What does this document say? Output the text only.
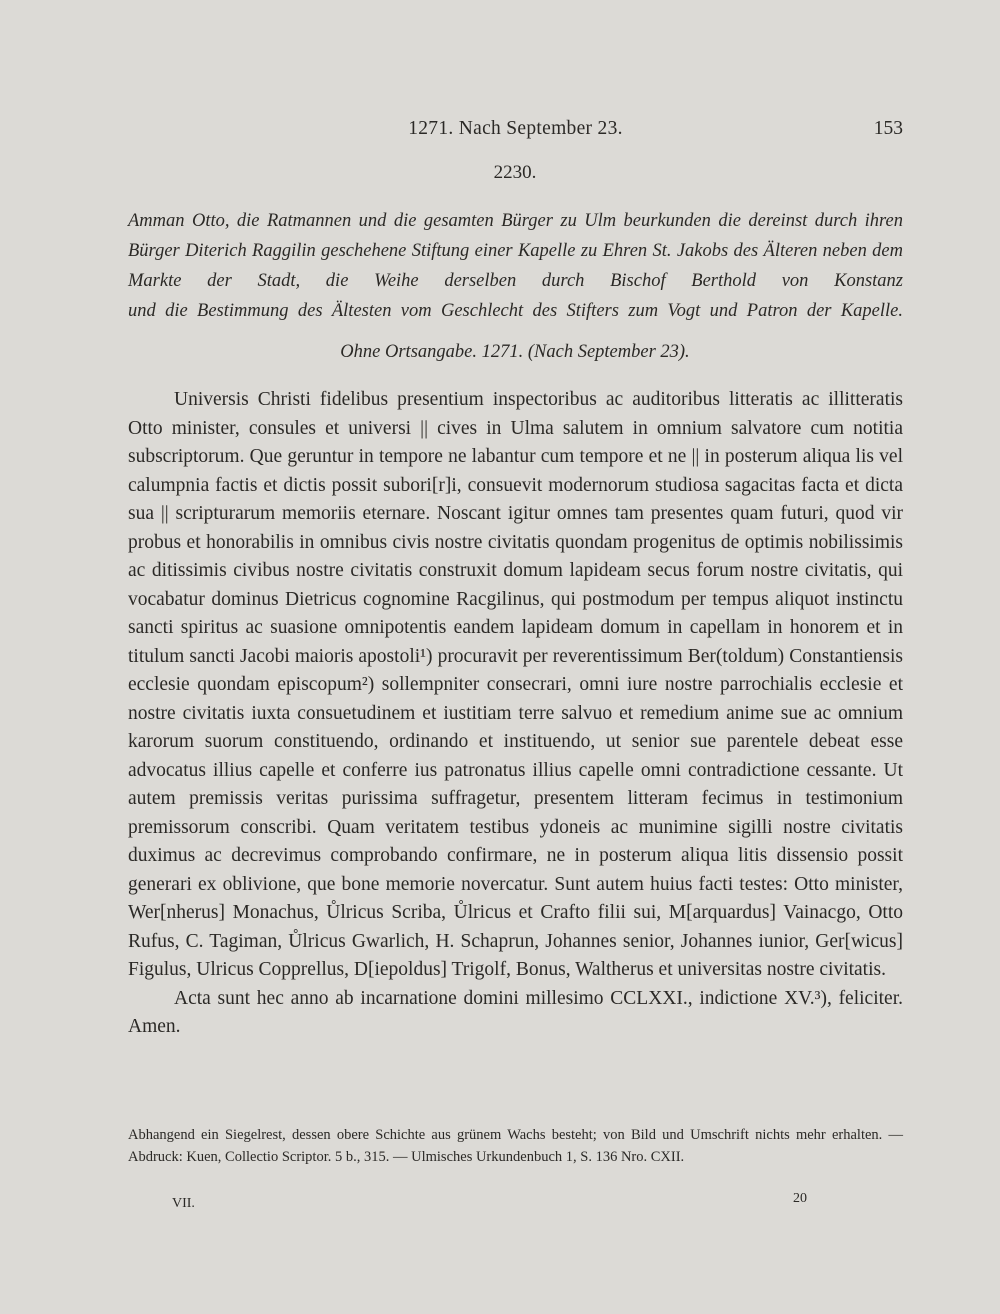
1271. Nach September 23.	153
2230.
Amman Otto, die Ratmannen und die gesamten Bürger zu Ulm beurkunden die dereinst durch ihren Bürger Diterich Raggilin geschehene Stiftung einer Kapelle zu Ehren St. Jakobs des Älteren neben dem Markte der Stadt, die Weihe derselben durch Bischof Berthold von Konstanz
und die Bestimmung des Ältesten vom Geschlecht des Stifters zum Vogt und Patron der Kapelle.
Ohne Ortsangabe. 1271. (Nach September 23).

Universis Christi fidelibus presentium inspectoribus ac auditoribus litteratis ac illitteratis Otto minister, consules et universi || cives in Ulma salutem in omnium salvatore cum notitia subscriptorum. Que geruntur in tempore ne labantur cum tempore et ne || in posterum aliqua lis vel calumpnia factis et dictis possit subori[r]i, consuevit modernorum studiosa sagacitas facta et dicta sua || scripturarum memoriis eternare. Noscant igitur omnes tam presentes quam futuri, quod vir probus et honorabilis in omnibus civis nostre civitatis quondam progenitus de optimis nobilissimis ac ditissimis civibus nostre civitatis construxit domum lapideam secus forum nostre civitatis, qui vocabatur dominus Dietricus cognomine Racgilinus, qui postmodum per tempus aliquot instinctu sancti spiritus ac suasione omnipotentis eandem lapideam domum in capellam in honorem et in titulum sancti Jacobi maioris apostoli¹) procuravit per reverentissimum Ber(toldum) Constantiensis ecclesie quondam episcopum²) sollempniter consecrari, omni iure nostre parrochialis ecclesie et nostre civitatis iuxta consuetudinem et iustitiam terre salvuo et remedium anime sue ac omnium karorum suorum constituendo, ordinando et instituendo, ut senior sue parentele debeat esse advocatus illius capelle et conferre ius patronatus illius capelle omni contradictione cessante. Ut autem premissis veritas purissima suffragetur, presentem litteram fecimus in testimonium premissorum conscribi. Quam veritatem testibus ydoneis ac munimine sigilli nostre civitatis duximus ac decrevimus comprobando confirmare, ne in posterum aliqua litis dissensio possit generari ex oblivione, que bone memorie novercatur. Sunt autem huius facti testes: Otto minister, Wer[nherus] Monachus, Ůlricus Scriba, Ůlricus et Crafto filii sui, M[arquardus] Vainacgo, Otto Rufus, C. Tagiman, Ůlricus Gwarlich, H. Schaprun, Johannes senior, Johannes iunior, Ger[wicus] Figulus, Ulricus Copprellus, D[iepoldus] Trigolf, Bonus, Waltherus et universitas nostre civitatis.

Acta sunt hec anno ab incarnatione domini millesimo CCLXXI., indictione XV.³), feliciter. Amen.

Abhangend ein Siegelrest, dessen obere Schichte aus grünem Wachs besteht; von Bild und Umschrift nichts mehr erhalten. — Abdruck: Kuen, Collectio Scriptor. 5 b., 315. — Ulmisches Urkundenbuch 1, S. 136 Nro. CXII.
VII.	20
